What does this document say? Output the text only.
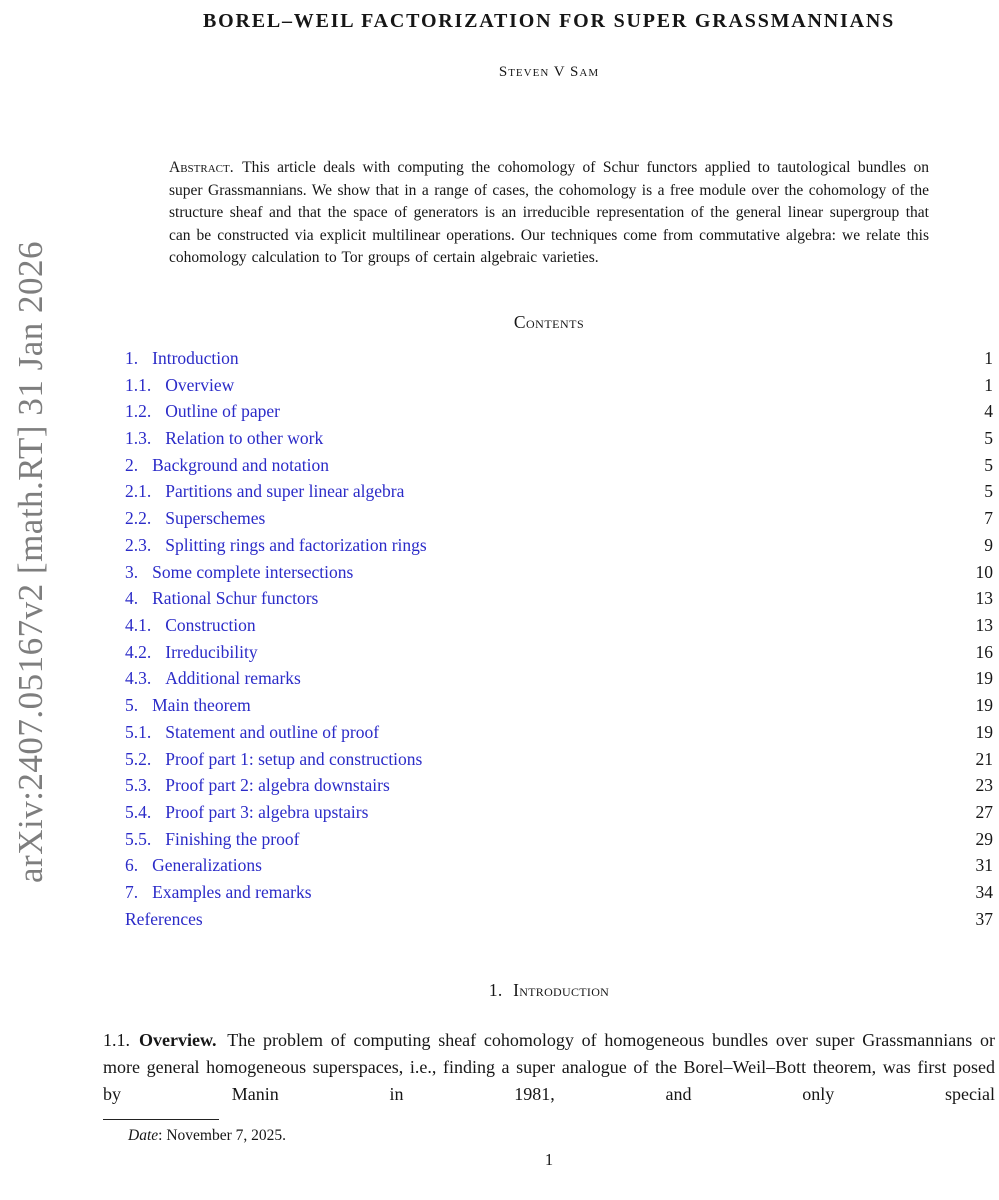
arXiv:2407.05167v2 [math.RT] 31 Jan 2026
BOREL–WEIL FACTORIZATION FOR SUPER GRASSMANNIANS
Steven V Sam

Abstract. This article deals with computing the cohomology of Schur functors applied to tautological bundles on super Grassmannians. We show that in a range of cases, the cohomology is a free module over the cohomology of the structure sheaf and that the space of generators is an irreducible representation of the general linear supergroup that can be constructed via explicit multilinear operations. Our techniques come from commutative algebra: we relate this cohomology calculation to Tor groups of certain algebraic varieties.

Contents
1. Introduction	1
1.1. Overview	1
1.2. Outline of paper	4
1.3. Relation to other work	5
2. Background and notation	5
2.1. Partitions and super linear algebra	5
2.2. Superschemes	7
2.3. Splitting rings and factorization rings	9
3. Some complete intersections	10
4. Rational Schur functors	13
4.1. Construction	13
4.2. Irreducibility	16
4.3. Additional remarks	19
5. Main theorem	19
5.1. Statement and outline of proof	19
5.2. Proof part 1: setup and constructions	21
5.3. Proof part 2: algebra downstairs	23
5.4. Proof part 3: algebra upstairs	27
5.5. Finishing the proof	29
6. Generalizations	31
7. Examples and remarks	34
References	37
1. Introduction

1.1. Overview. The problem of computing sheaf cohomology of homogeneous bundles over super Grassmannians or more general homogeneous superspaces, i.e., finding a super analogue of the Borel–Weil–Bott theorem, was first posed by Manin in 1981, and only special

Date: November 7, 2025.
1
